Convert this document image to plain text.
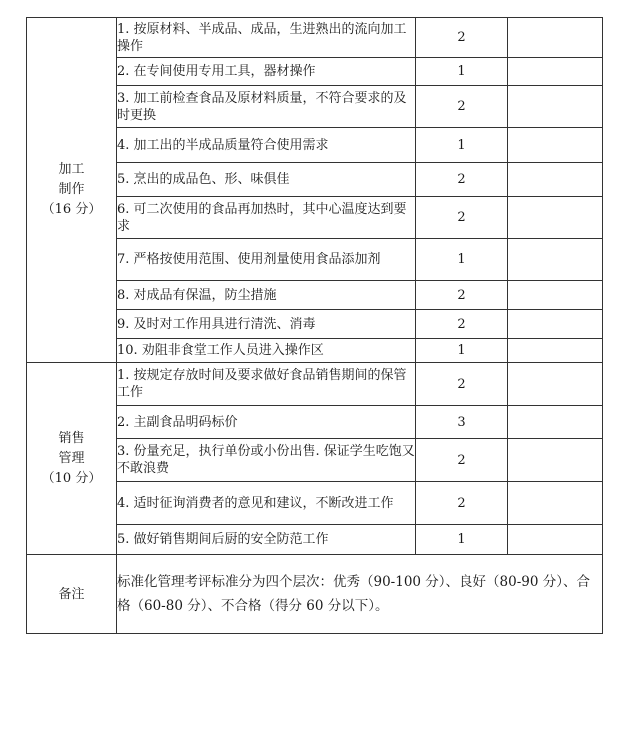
加工
制作
（16 分）	1. 按原材料、半成品、成品，生进熟出的流向加工操作	2	
	2. 在专间使用专用工具，器材操作	1	
	3. 加工前检查食品及原材料质量，不符合要求的及时更换	2	
	4. 加工出的半成品质量符合使用需求	1	
	5. 烹出的成品色、形、味俱佳	2	
	6. 可二次使用的食品再加热时，其中心温度达到要求	2	
	7. 严格按使用范围、使用剂量使用食品添加剂	1	
	8. 对成品有保温，防尘措施	2	
	9. 及时对工作用具进行清洗、消毒	2	
	10. 劝阻非食堂工作人员进入操作区	1	

销售
管理
（10 分）	1. 按规定存放时间及要求做好食品销售期间的保管工作	2	
	2. 主副食品明码标价	3	
	3. 份量充足，执行单份或小份出售. 保证学生吃饱又不敢浪费	2	
	4. 适时征询消费者的意见和建议，不断改进工作	2	
	5. 做好销售期间后厨的安全防范工作	1	
备注	标准化管理考评标准分为四个层次：优秀（90-100 分）、良好（80-90 分）、合格（60-80 分）、不合格（得分 60 分以下）。		
